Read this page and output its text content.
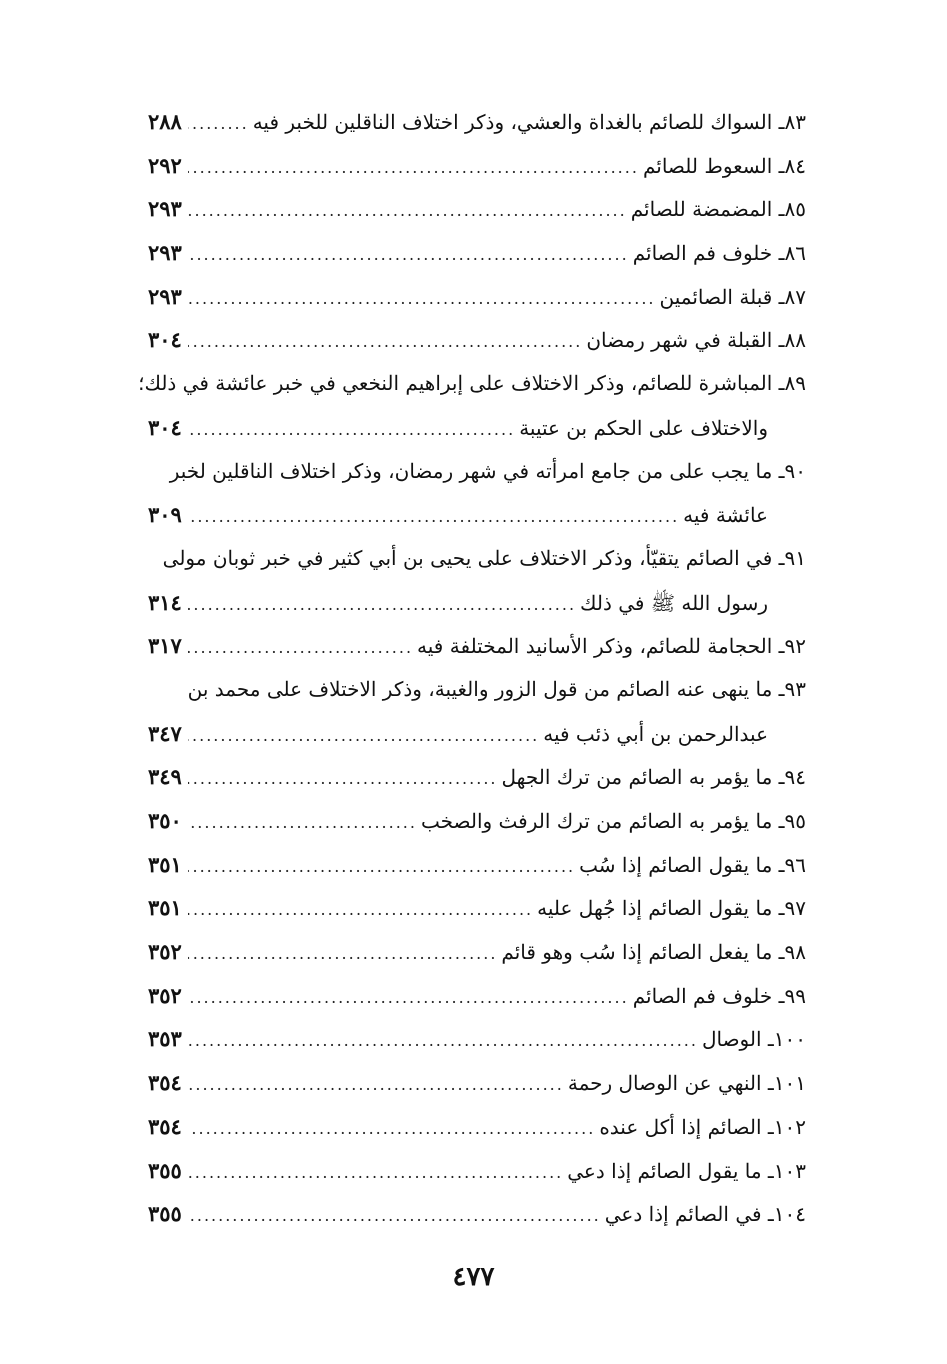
٨٣ـ السواك للصائم بالغداة والعشي، وذكر اختلاف الناقلين للخبر فيه
.....
٢٨٨
٨٤ـ السعوط للصائم
.....
٢٩٢
٨٥ـ المضمضة للصائم
.....
٢٩٣
٨٦ـ خلوف فم الصائم
.....
٢٩٣
٨٧ـ قبلة الصائمين
.....
٢٩٣
٨٨ـ القبلة في شهر رمضان
.....
٣٠٤
٨٩ـ المباشرة للصائم، وذكر الاختلاف على إبراهيم النخعي في خبر عائشة في ذلك؛
والاختلاف على الحكم بن عتيبة
.....
٣٠٤
٩٠ـ ما يجب على من جامع امرأته في شهر رمضان، وذكر اختلاف الناقلين لخبر
عائشة فيه
.....
٣٠٩
٩١ـ في الصائم يتقيّأ، وذكر الاختلاف على يحيى بن أبي كثير في خبر ثوبان مولى
رسول الله ﷺ في ذلك
.....
٣١٤
٩٢ـ الحجامة للصائم، وذكر الأسانيد المختلفة فيه
.....
٣١٧
٩٣ـ ما ينهى عنه الصائم من قول الزور والغيبة، وذكر الاختلاف على محمد بن
عبدالرحمن بن أبي ذئب فيه
.....
٣٤٧
٩٤ـ ما يؤمر به الصائم من ترك الجهل
.....
٣٤٩
٩٥ـ ما يؤمر به الصائم من ترك الرفث والصخب
.....
٣٥٠
٩٦ـ ما يقول الصائم إذا سُب
.....
٣٥١
٩٧ـ ما يقول الصائم إذا جُهل عليه
.....
٣٥١
٩٨ـ ما يفعل الصائم إذا سُب وهو قائم
.....
٣٥٢
٩٩ـ خلوف فم الصائم
.....
٣٥٢
١٠٠ـ الوصال
.....
٣٥٣
١٠١ـ النهي عن الوصال رحمة
.....
٣٥٤
١٠٢ـ الصائم إذا أكل عنده
.....
٣٥٤
١٠٣ـ ما يقول الصائم إذا دعي
.....
٣٥٥
١٠٤ـ في الصائم إذا دعي
.....
٣٥٥
٤٧٧
